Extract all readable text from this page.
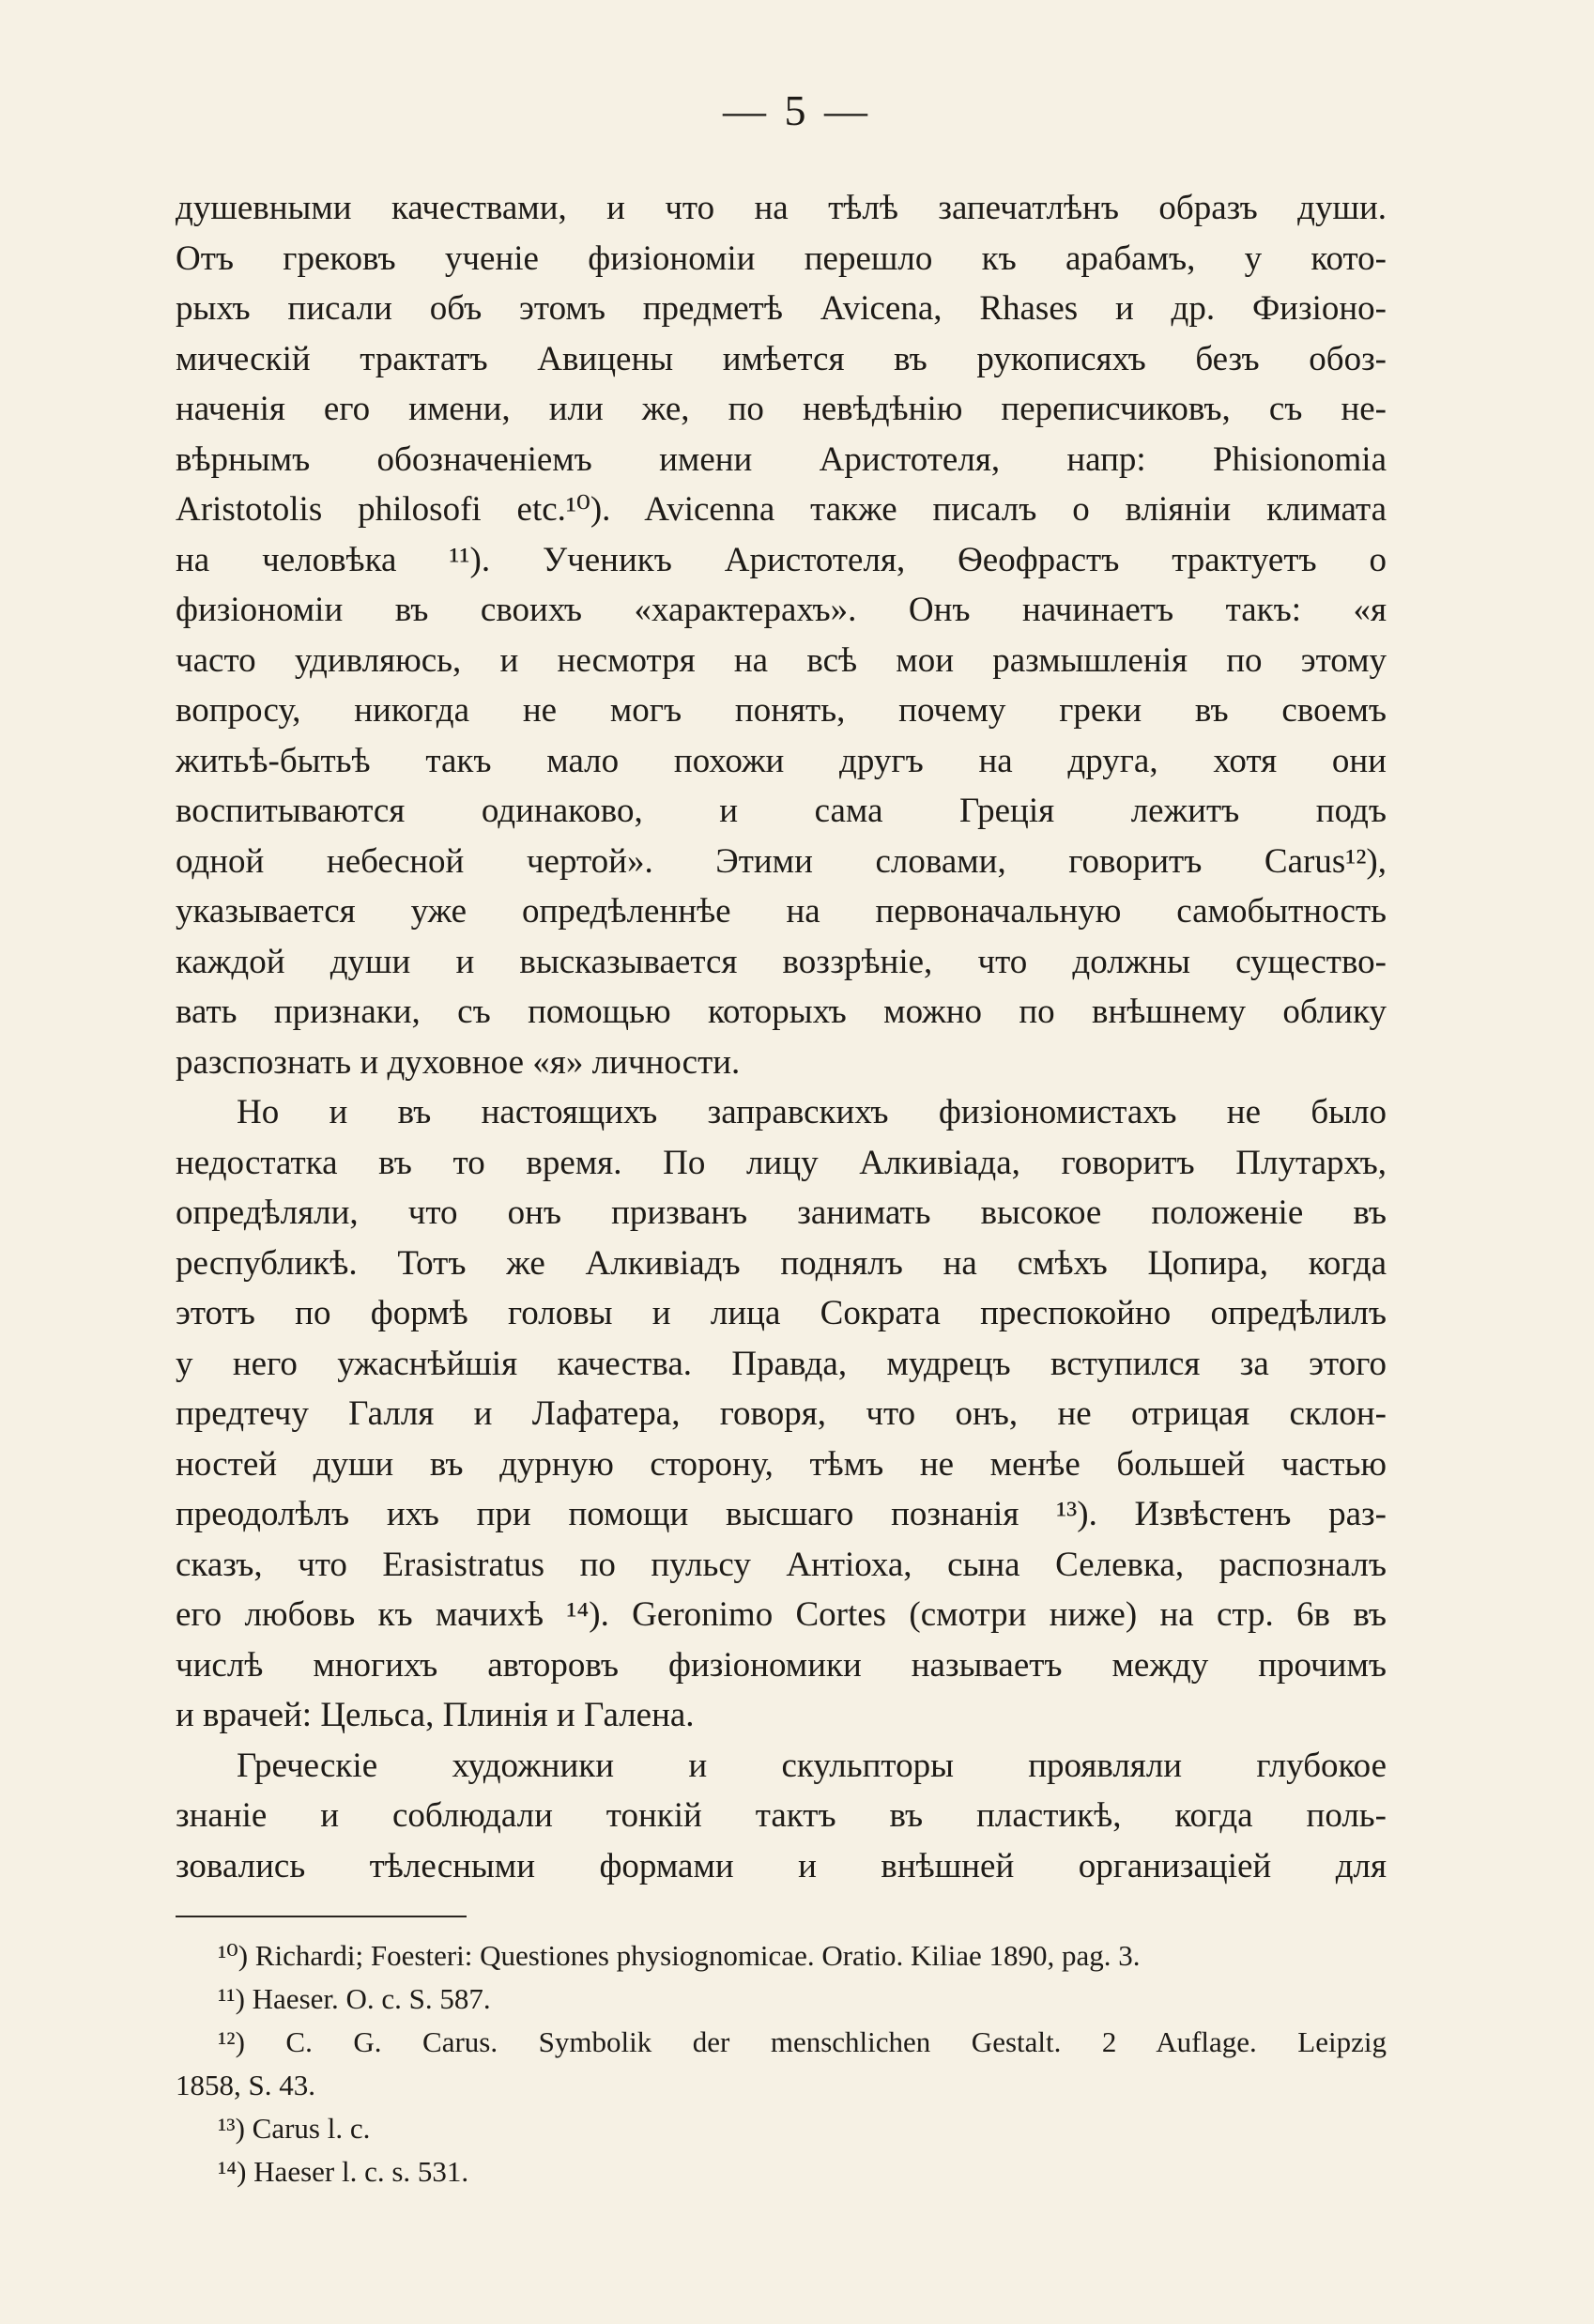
— 5 —
душевными качествами, и что на тѣлѣ запечатлѣнъ образъ души.
Отъ грековъ ученіе физіономіи перешло къ арабамъ, у кото-
рыхъ писали объ этомъ предметѣ Avicena, Rhases и др. Физіоно-
мическій трактатъ Авицены имѣется въ рукописяхъ безъ обоз-
наченія его имени, или же, по невѣдѣнію переписчиковъ, съ не-
вѣрнымъ обозначеніемъ имени Аристотеля, напр: Phisionomia
Aristotolis philosofi etc.¹⁰). Avicenna также писалъ о вліяніи климата
на человѣка ¹¹). Ученикъ Аристотеля, Ѳеофрастъ трактуетъ о
физіономіи въ своихъ «характерахъ». Онъ начинаетъ такъ: «я
часто удивляюсь, и несмотря на всѣ мои размышленія по этому
вопросу, никогда не могъ понять, почему греки въ своемъ
житьѣ-бытьѣ такъ мало похожи другъ на друга, хотя они
воспитываются одинаково, и сама Грецiя лежитъ подъ
одной небесной чертой». Этими словами, говоритъ Carus¹²),
указывается уже опредѣленнѣе на первоначальную самобытность
каждой души и высказывается воззрѣніе, что должны существо-
вать признаки, съ помощью которыхъ можно по внѣшнему облику
разспознать и духовное «я» личности.
Но и въ настоящихъ заправскихъ физіономистахъ не было
недостатка въ то время. По лицу Алкивіада, говоритъ Плутархъ,
опредѣляли, что онъ призванъ занимать высокое положеніе въ
республикѣ. Тотъ же Алкивіадъ поднялъ на смѣхъ Цопира, когда
этотъ по формѣ головы и лица Сократа преспокойно опредѣлилъ
у него ужаснѣйшія качества. Правда, мудрецъ вступился за этого
предтечу Галля и Лафатера, говоря, что онъ, не отрицая склон-
ностей души въ дурную сторону, тѣмъ не менѣе большей частью
преодолѣлъ ихъ при помощи высшаго познанія ¹³). Извѣстенъ раз-
сказъ, что Erasistratus по пульсу Антіоха, сына Селевка, распозналъ
его любовь къ мачихѣ ¹⁴). Geronimo Cortes (смотри ниже) на стр. 6в въ
числѣ многихъ авторовъ физіономики называетъ между прочимъ
и врачей: Цельса, Плинія и Галена.
Греческіе художники и скульпторы проявляли глубокое
знаніе и соблюдали тонкій тактъ въ пластикѣ, когда поль-
зовались тѣлесными формами и внѣшней организаціей для
¹⁰) Richardi; Foesteri: Questiones physiognomicae. Oratio. Kiliae 1890, pag. 3.
¹¹) Haeser. O. c. S. 587.
¹²) C. G. Carus. Symbolik der menschlichen Gestalt. 2 Auflage. Leipzig
1858, S. 43.
¹³) Carus l. c.
¹⁴) Haeser l. c. s. 531.
